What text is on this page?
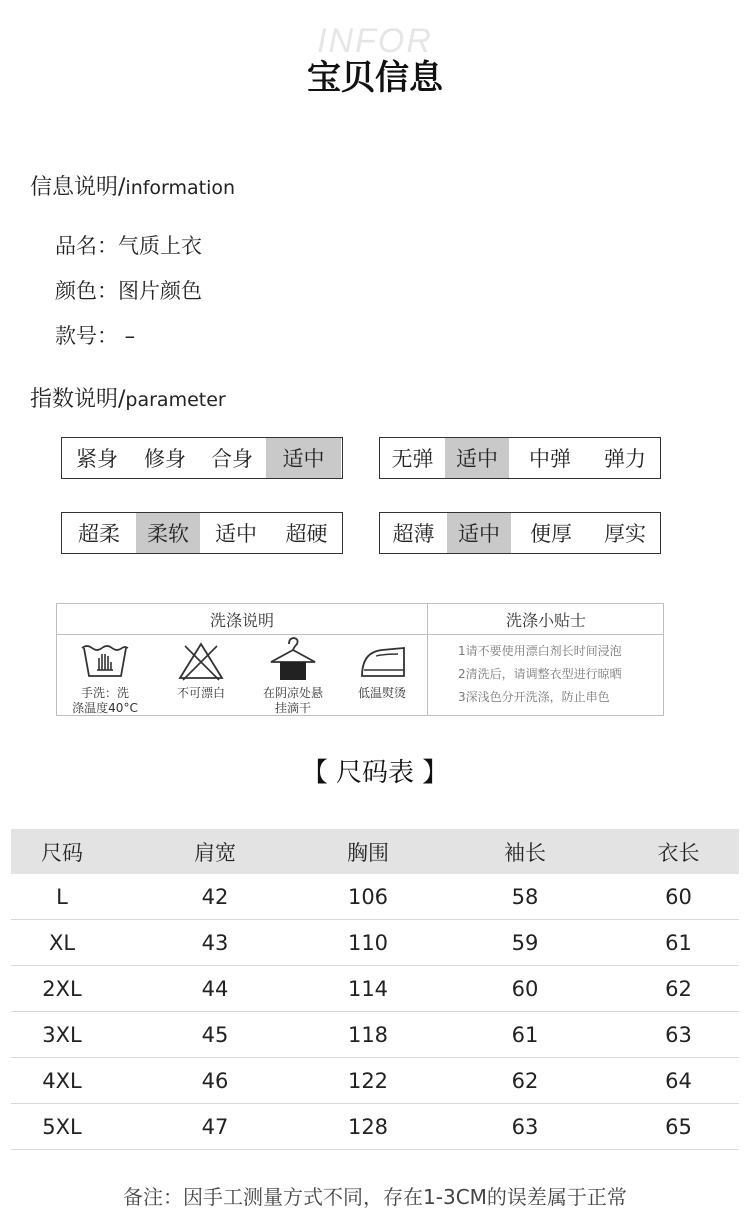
INFOR
宝贝信息
信息说明/information
品名：气质上衣
颜色：图片颜色
款号： –
指数说明/parameter
紧身	修身	合身	适中	无弹	适中	中弹	弹力
超柔	柔软	适中	超硬	超薄	适中	便厚	厚实
洗涤说明
手洗：洗
涤温度40°C
不可漂白	在阴凉处悬
挂滴干
低温熨烫
洗涤小贴士
1请不要使用漂白剂长时间浸泡
2清洗后，请调整衣型进行晾晒
3深浅色分开洗涤，防止串色
【 尺码表 】
尺码	肩宽	胸围	袖长	衣长
L	42	106	58	60
XL	43	110	59	61
2XL	44	114	60	62
3XL	45	118	61	63
4XL	46	122	62	64
5XL	47	128	63	65
备注：因手工测量方式不同，存在1-3CM的误差属于正常
